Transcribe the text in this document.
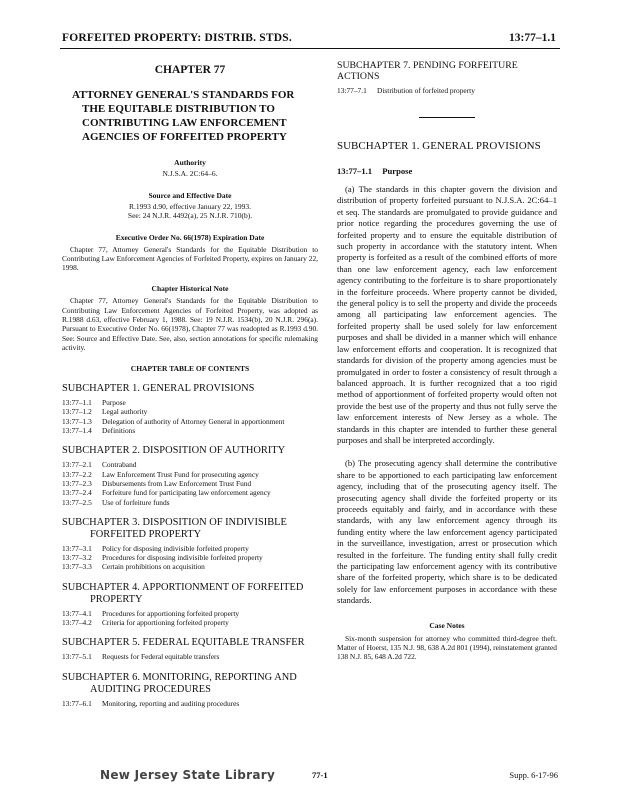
FORFEITED PROPERTY: DISTRIB. STDS.	13:77–1.1
CHAPTER 77
ATTORNEY GENERAL'S STANDARDS FOR THE EQUITABLE DISTRIBUTION TO CONTRIBUTING LAW ENFORCEMENT AGENCIES OF FORFEITED PROPERTY
Authority
N.J.S.A. 2C:64–6.
Source and Effective Date
R.1993 d.90, effective January 22, 1993.
See: 24 N.J.R. 4492(a), 25 N.J.R. 710(b).
Executive Order No. 66(1978) Expiration Date
Chapter 77, Attorney General's Standards for the Equitable Distribution to Contributing Law Enforcement Agencies of Forfeited Property, expires on January 22, 1998.
Chapter Historical Note
Chapter 77, Attorney General's Standards for the Equitable Distribution to Contributing Law Enforcement Agencies of Forfeited Property, was adopted as R.1988 d.63, effective February 1, 1988. See: 19 N.J.R. 1534(b), 20 N.J.R. 296(a). Pursuant to Executive Order No. 66(1978), Chapter 77 was readopted as R.1993 d.90. See: Source and Effective Date. See, also, section annotations for specific rulemaking activity.
CHAPTER TABLE OF CONTENTS
SUBCHAPTER 1. GENERAL PROVISIONS
13:77–1.1	Purpose
13:77–1.2	Legal authority
13:77–1.3	Delegation of authority of Attorney General in apportionment
13:77–1.4	Definitions
SUBCHAPTER 2. DISPOSITION OF AUTHORITY
13:77–2.1	Contraband
13:77–2.2	Law Enforcement Trust Fund for prosecuting agency
13:77–2.3	Disbursements from Law Enforcement Trust Fund
13:77–2.4	Forfeiture fund for participating law enforcement agency
13:77–2.5	Use of forfeiture funds
SUBCHAPTER 3. DISPOSITION OF INDIVISIBLE
FORFEITED PROPERTY
13:77–3.1	Policy for disposing indivisible forfeited property
13:77–3.2	Procedures for disposing indivisible forfeited property
13:77–3.3	Certain prohibitions on acquisition
SUBCHAPTER 4. APPORTIONMENT OF FORFEITED
PROPERTY
13:77–4.1	Procedures for apportioning forfeited property
13:77–4.2	Criteria for apportioning forfeited property
SUBCHAPTER 5. FEDERAL EQUITABLE TRANSFER
13:77–5.1	Requests for Federal equitable transfers
SUBCHAPTER 6. MONITORING, REPORTING AND
AUDITING PROCEDURES
13:77–6.1	Monitoring, reporting and auditing procedures
SUBCHAPTER 7. PENDING FORFEITURE ACTIONS
13:77–7.1	Distribution of forfeited property
SUBCHAPTER 1. GENERAL PROVISIONS
13:77–1.1 Purpose
(a) The standards in this chapter govern the division and distribution of property forfeited pursuant to N.J.S.A. 2C:64–1 et seq. The standards are promulgated to provide guidance and prior notice regarding the procedures governing the use of forfeited property and to ensure the equitable distribution of such property in accordance with the statutory intent. When property is forfeited as a result of the combined efforts of more than one law enforcement agency, each law enforcement agency contributing to the forfeiture is to share proportionately in the forfeiture proceeds. Where property cannot be divided, the general policy is to sell the property and divide the proceeds among all participating law enforcement agencies. The forfeited property shall be used solely for law enforcement purposes and shall be divided in a manner which will enhance law enforcement efforts and cooperation. It is recognized that standards for division of the property among agencies must be promulgated in order to foster a consistency of result through a balanced approach. It is further recognized that a too rigid method of apportionment of forfeited property would often not provide the best use of the property and thus not fully serve the law enforcement interests of New Jersey as a whole. The standards in this chapter are intended to further these general purposes and shall be interpreted accordingly.
(b) The prosecuting agency shall determine the contributive share to be apportioned to each participating law enforcement agency, including that of the prosecuting agency itself. The prosecuting agency shall divide the forfeited property or its proceeds equitably and fairly, and in accordance with these standards, with any law enforcement agency through its funding entity where the law enforcement agency participated in the surveillance, investigation, arrest or prosecution which resulted in the forfeiture. The funding entity shall fully credit the participating law enforcement agency with its contributive share of the forfeited property, which share is to be dedicated solely for law enforcement purposes in accordance with these standards.
Case Notes
Six-month suspension for attorney who committed third-degree theft. Matter of Hoerst, 135 N.J. 98, 638 A.2d 801 (1994), reinstatement granted 138 N.J. 85, 648 A.2d 722.
New Jersey State Library	77-1	Supp. 6-17-96
